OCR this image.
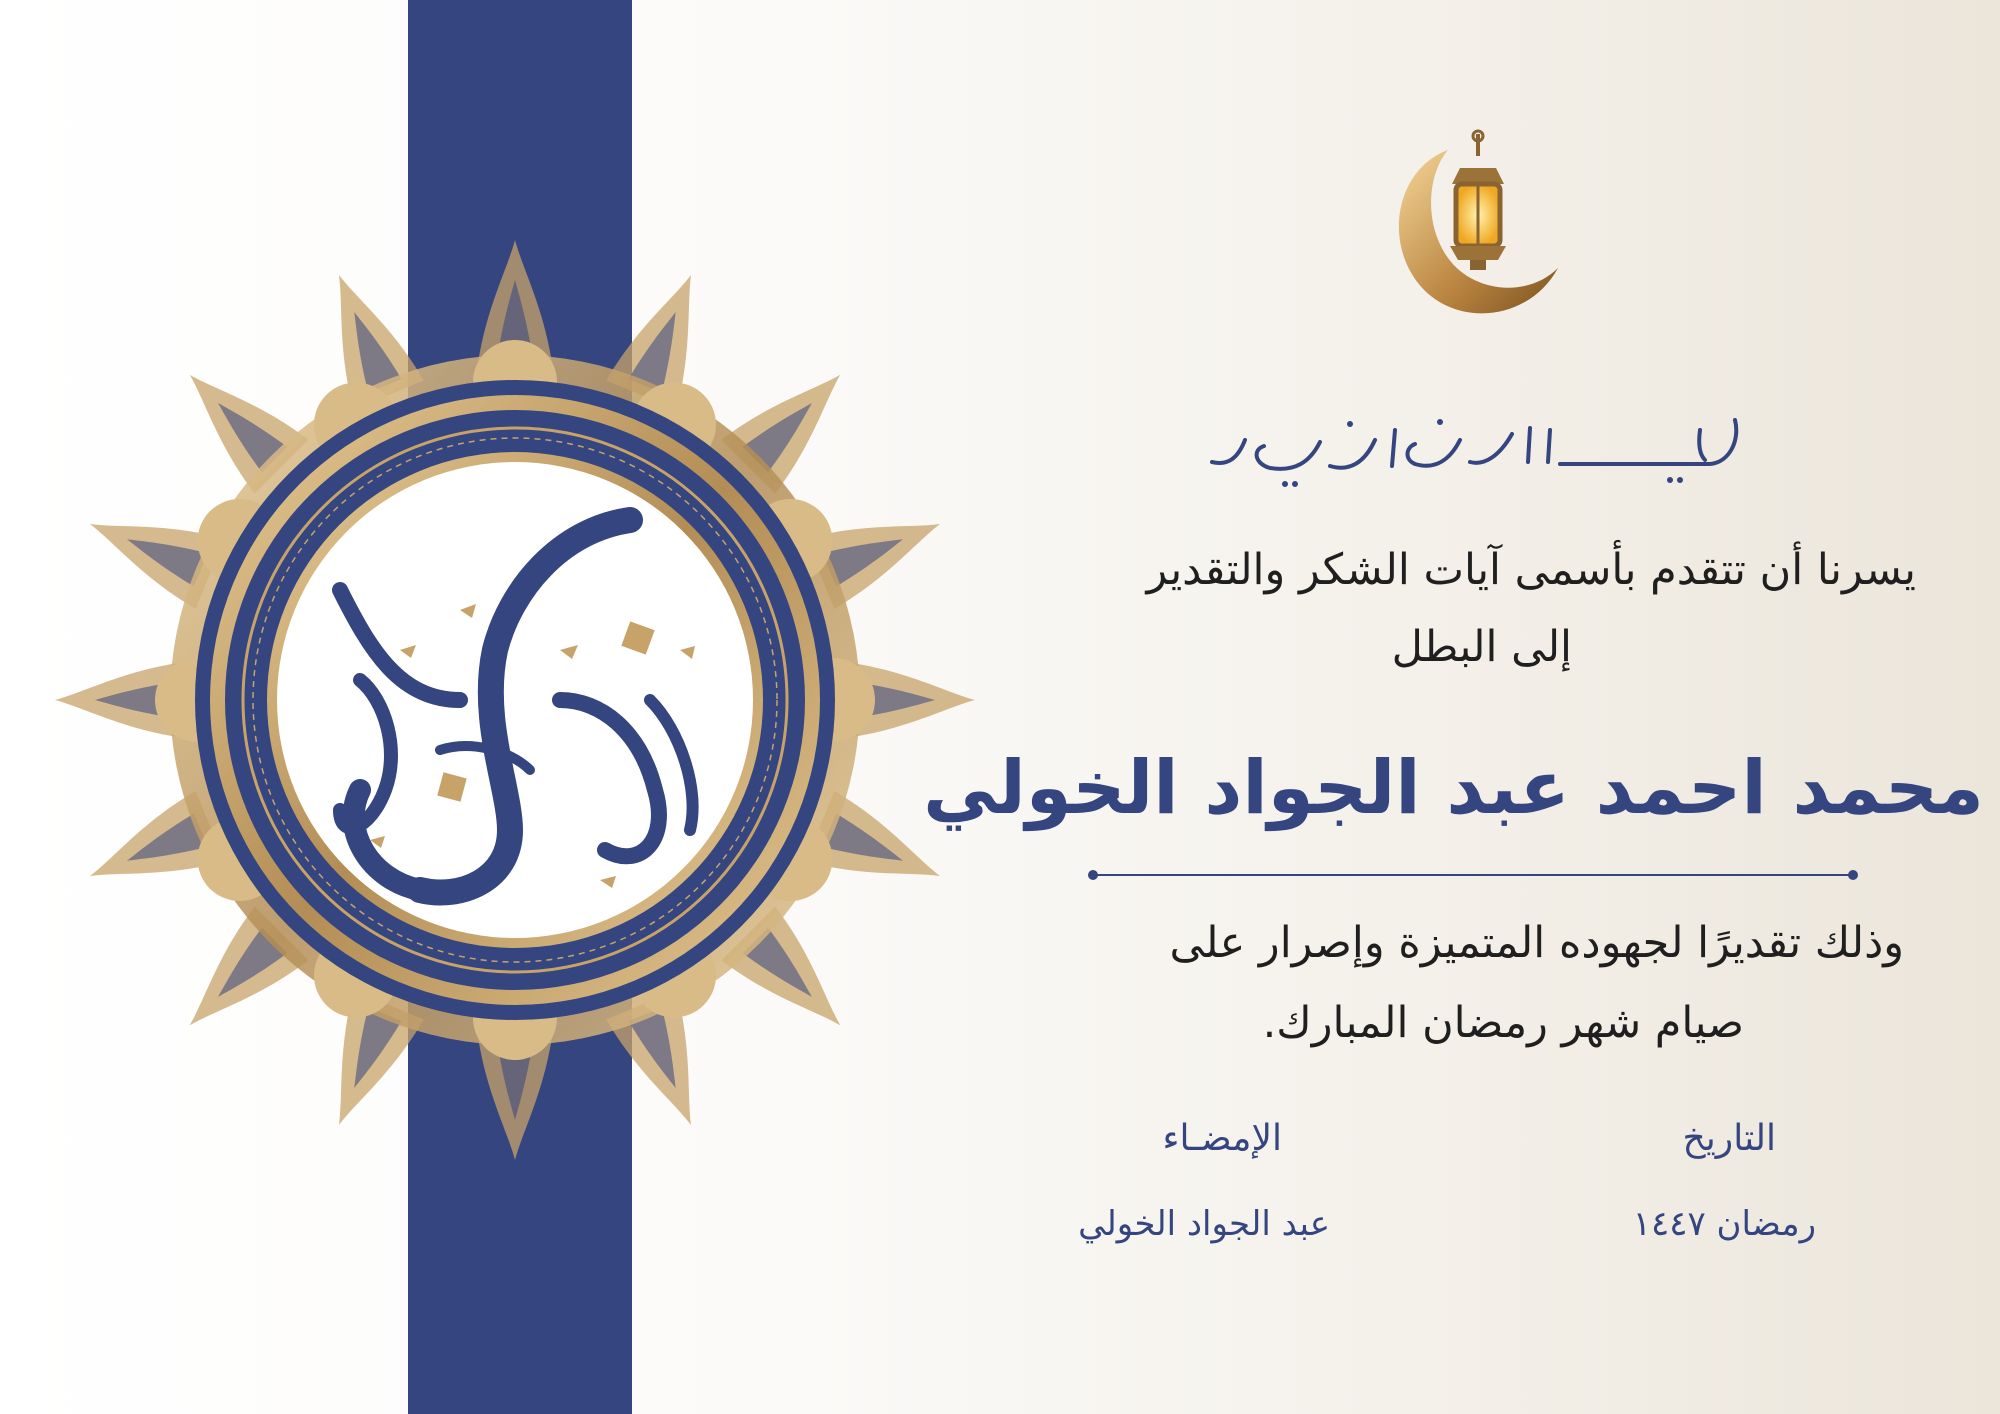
يسرنا أن تتقدم بأسمى آيات الشكر والتقدير
إلى البطل
محمد احمد عبد الجواد الخولي
وذلك تقديرًا لجهوده المتميزة وإصرار على
صيام شهر رمضان المبارك.
الإمضـاء
عبد الجواد الخولي
التاريخ
رمضان ١٤٤٧
